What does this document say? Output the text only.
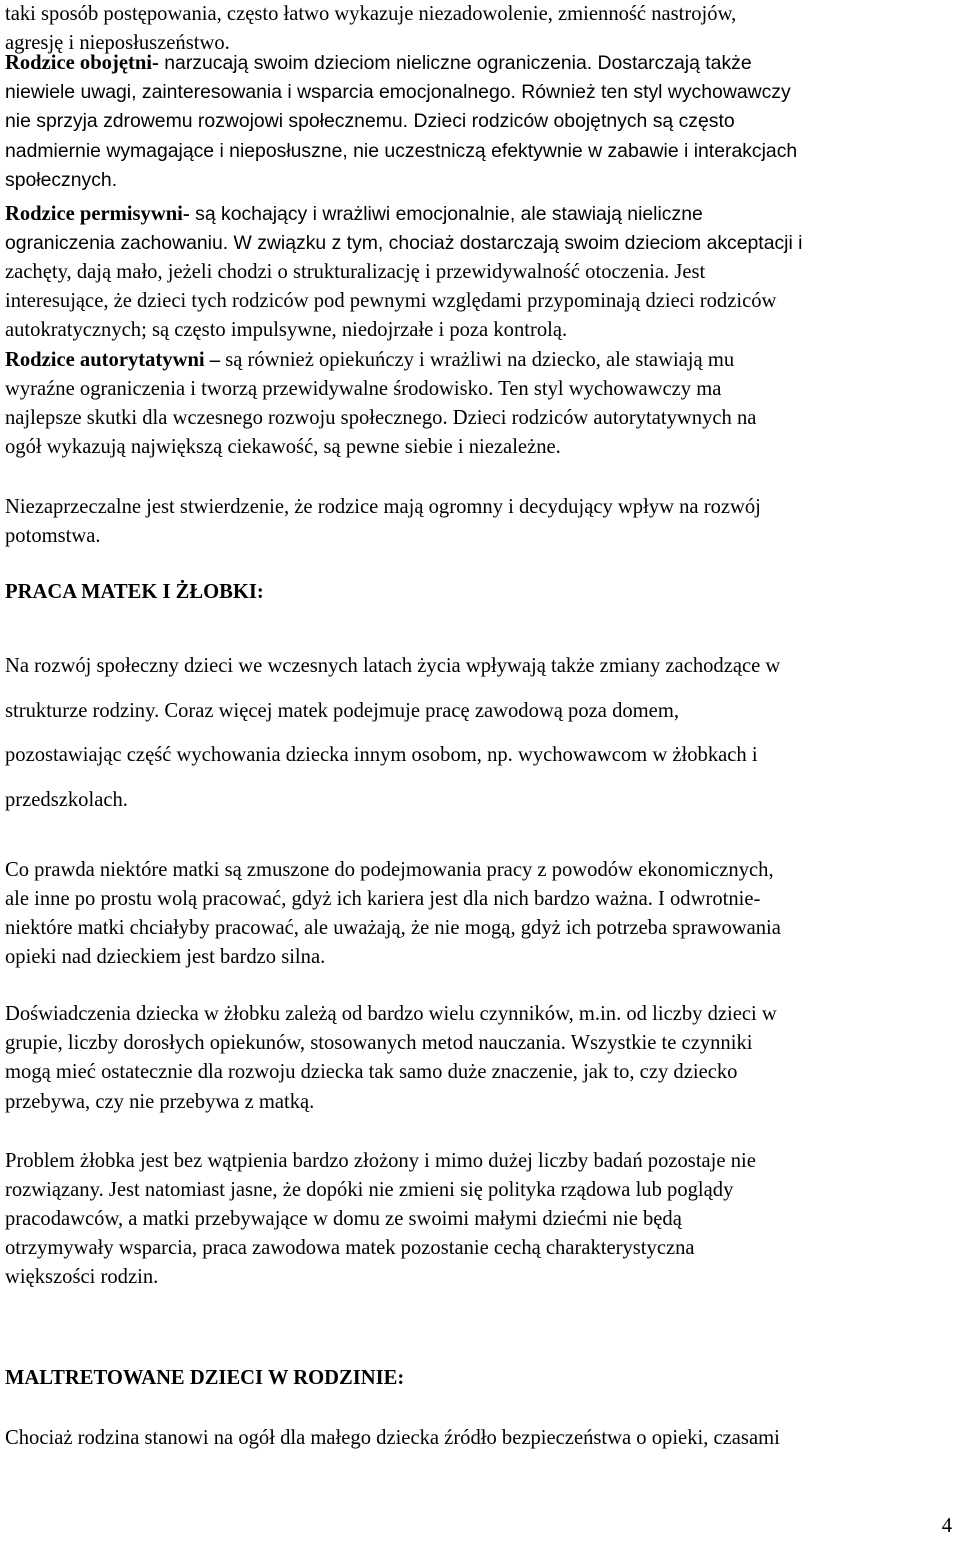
taki sposób postępowania, często łatwo wykazuje niezadowolenie, zmienność nastrojów,
agresję i nieposłuszeństwo.
Rodzice obojętni- narzucają swoim dzieciom nieliczne ograniczenia. Dostarczają także
niewiele uwagi, zainteresowania i wsparcia emocjonalnego. Również ten styl wychowawczy
nie sprzyja zdrowemu rozwojowi społecznemu. Dzieci rodziców obojętnych są często
nadmiernie wymagające i nieposłuszne, nie uczestniczą efektywnie w zabawie i interakcjach
społecznych.
Rodzice permisywni- są kochający i wrażliwi emocjonalnie, ale stawiają nieliczne
ograniczenia zachowaniu. W związku z tym, chociaż dostarczają swoim dzieciom akceptacji i
zachęty, dają mało, jeżeli chodzi o strukturalizację i przewidywalność otoczenia. Jest
interesujące, że dzieci tych rodziców pod pewnymi względami przypominają dzieci rodziców
autokratycznych; są często impulsywne, niedojrzałe i poza kontrolą.
Rodzice autorytatywni – są również opiekuńczy i wrażliwi na dziecko, ale stawiają mu
wyraźne ograniczenia i tworzą przewidywalne środowisko. Ten styl wychowawczy ma
najlepsze skutki dla wczesnego rozwoju społecznego. Dzieci rodziców autorytatywnych na
ogół wykazują największą ciekawość, są pewne siebie i niezależne.
Niezaprzeczalne jest stwierdzenie, że rodzice mają ogromny i decydujący wpływ na rozwój
potomstwa.
PRACA MATEK I ŻŁOBKI:
Na rozwój społeczny dzieci we wczesnych latach życia wpływają także zmiany zachodzące w
strukturze rodziny. Coraz więcej matek podejmuje pracę zawodową poza domem,
pozostawiając część wychowania dziecka innym osobom, np. wychowawcom w żłobkach i
przedszkolach.
Co prawda niektóre matki są zmuszone do podejmowania pracy z powodów ekonomicznych,
ale inne po prostu wolą pracować, gdyż ich kariera jest dla nich bardzo ważna. I odwrotnie-
niektóre matki chciałyby pracować, ale uważają, że nie mogą, gdyż ich potrzeba sprawowania
opieki nad dzieckiem jest bardzo silna.
Doświadczenia dziecka w żłobku zależą od bardzo wielu czynników, m.in. od liczby dzieci w
grupie, liczby dorosłych opiekunów, stosowanych metod nauczania. Wszystkie te czynniki
mogą mieć ostatecznie dla rozwoju dziecka tak samo duże znaczenie, jak to, czy dziecko
przebywa, czy nie przebywa z matką.
Problem żłobka jest bez wątpienia bardzo złożony i mimo dużej liczby badań pozostaje nie
rozwiązany. Jest natomiast jasne, że dopóki nie zmieni się polityka rządowa lub poglądy
pracodawców, a matki przebywające w domu ze swoimi małymi dziećmi nie będą
otrzymywały wsparcia, praca zawodowa matek pozostanie cechą charakterystyczna
większości rodzin.
MALTRETOWANE DZIECI W RODZINIE:
Chociaż rodzina stanowi na ogół dla małego dziecka źródło bezpieczeństwa o opieki, czasami
4
